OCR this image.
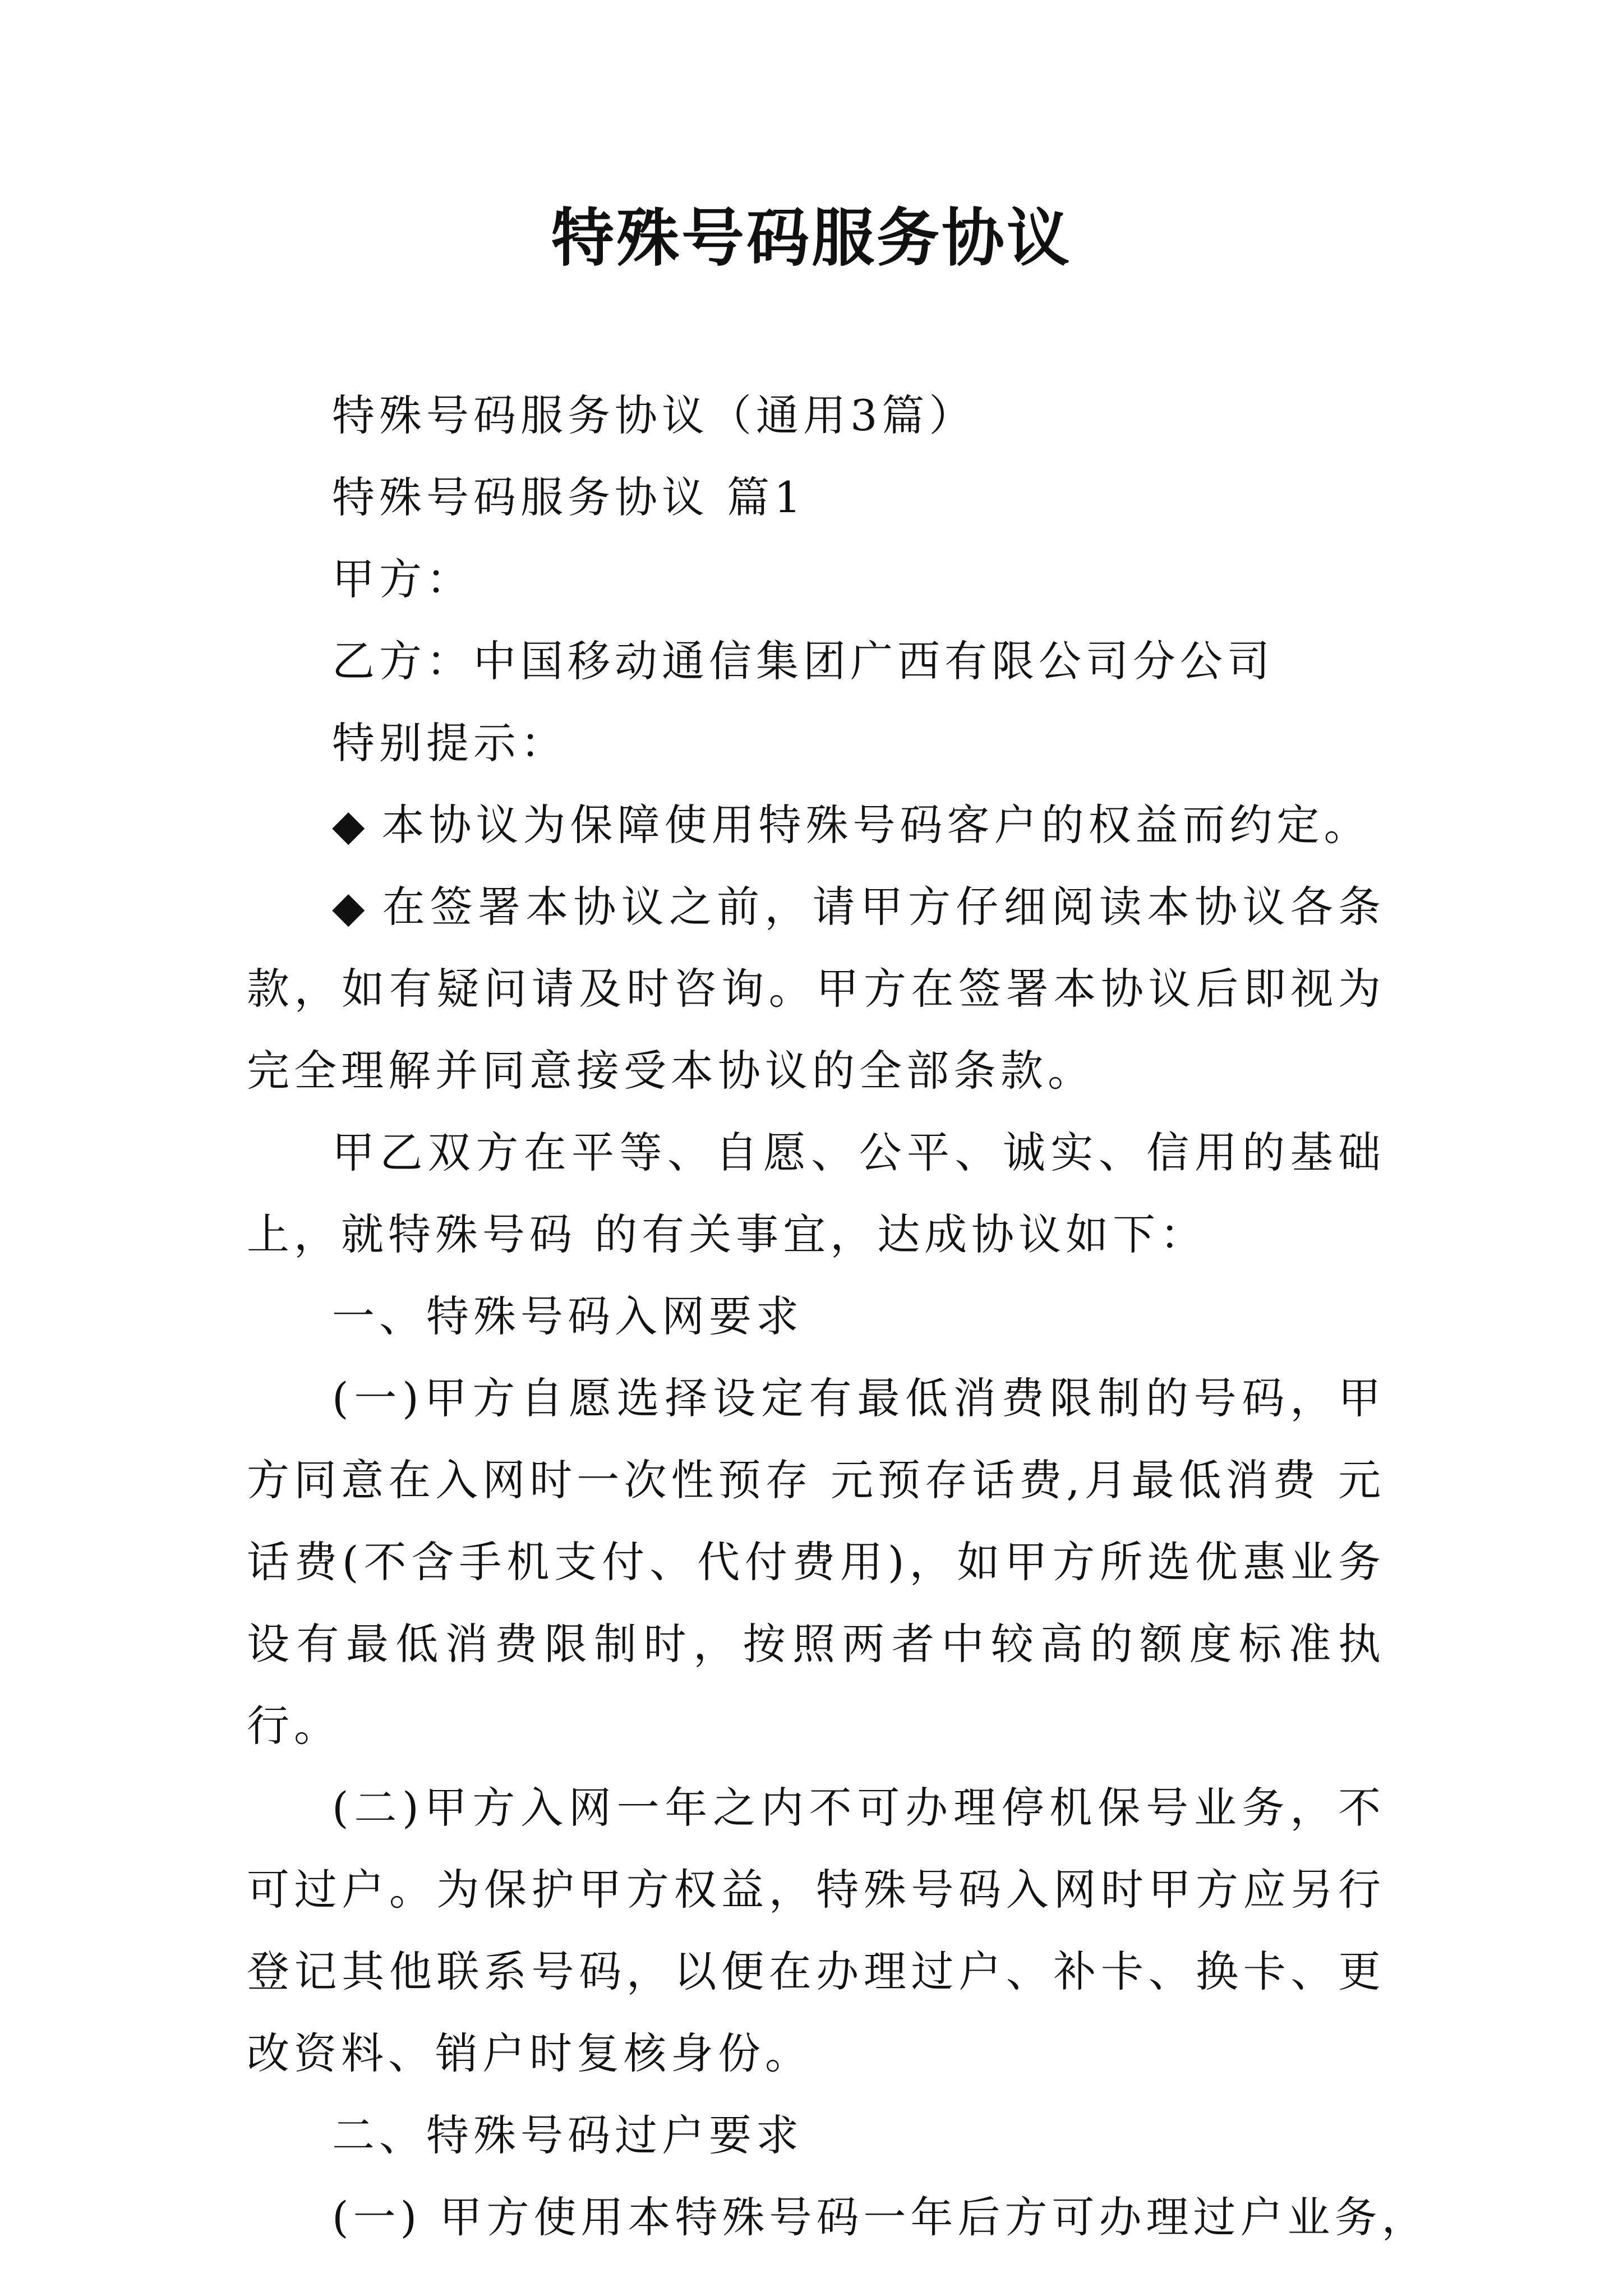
特殊号码服务协议

特殊号码服务协议（通用3篇）

特殊号码服务协议 篇1

甲方：

乙方：中国移动通信集团广西有限公司分公司

特别提示：

◆ 本协议为保障使用特殊号码客户的权益而约定。

◆ 在签署本协议之前，请甲方仔细阅读本协议各条款，如有疑问请及时咨询。甲方在签署本协议后即视为完全理解并同意接受本协议的全部条款。

甲乙双方在平等、自愿、公平、诚实、信用的基础上，就特殊号码 的有关事宜，达成协议如下：

一、特殊号码入网要求

(一)甲方自愿选择设定有最低消费限制的号码，甲方同意在入网时一次性预存 元预存话费,月最低消费 元话费(不含手机支付、代付费用)，如甲方所选优惠业务设有最低消费限制时，按照两者中较高的额度标准执行。

(二)甲方入网一年之内不可办理停机保号业务，不可过户。为保护甲方权益，特殊号码入网时甲方应另行登记其他联系号码，以便在办理过户、补卡、换卡、更改资料、销户时复核身份。

二、特殊号码过户要求

(一) 甲方使用本特殊号码一年后方可办理过户业务，
